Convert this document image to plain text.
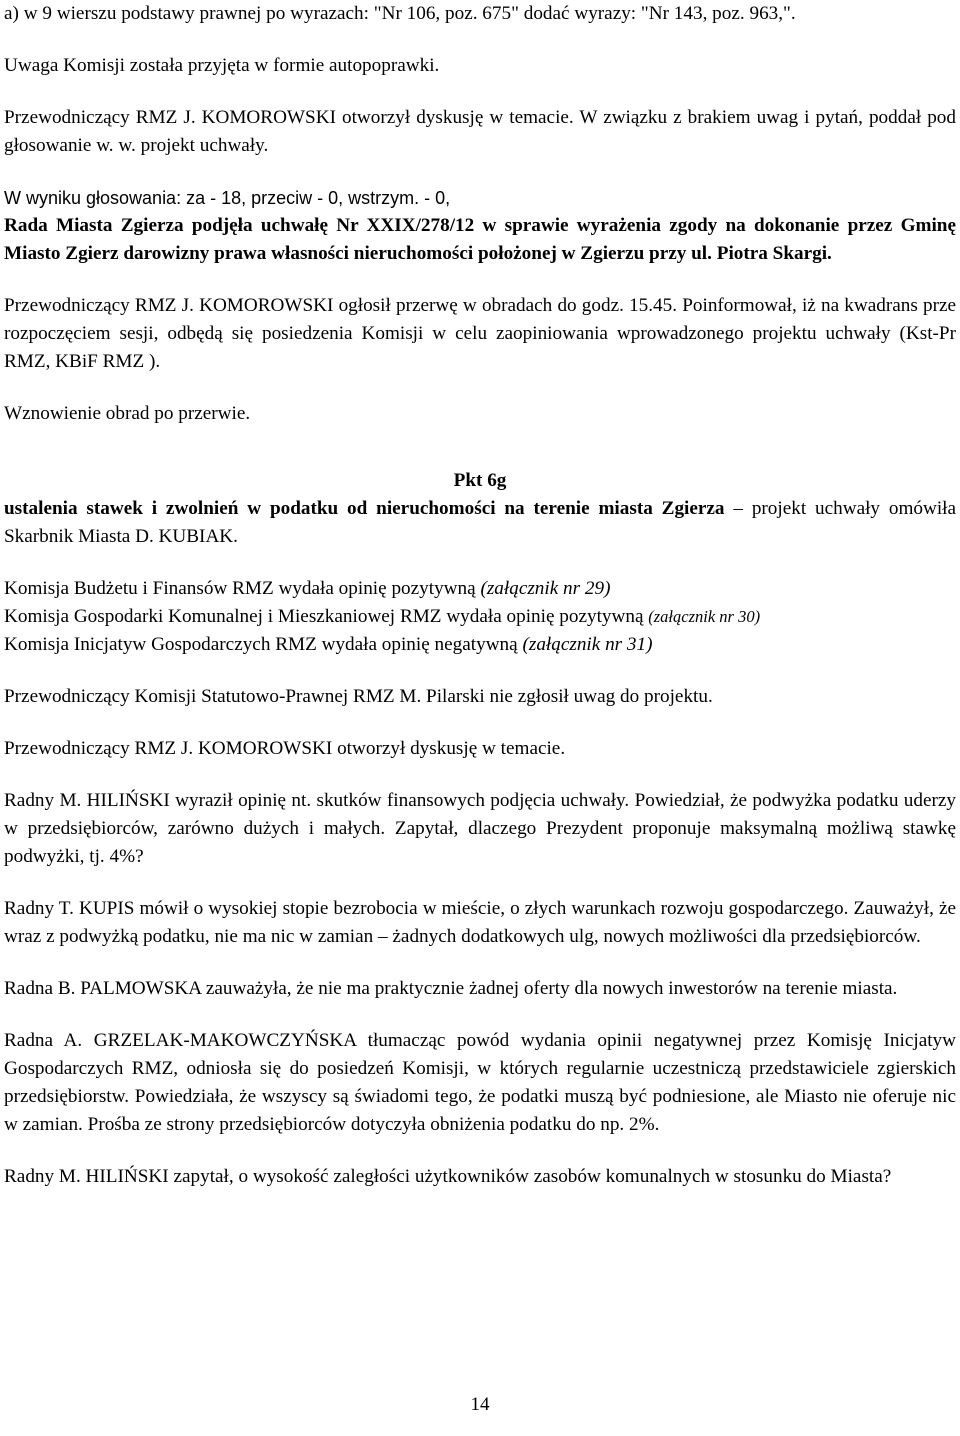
a) w 9 wierszu podstawy prawnej po wyrazach: "Nr 106, poz. 675" dodać wyrazy: "Nr 143, poz. 963,".

Uwaga Komisji została przyjęta w formie autopoprawki.

Przewodniczący RMZ J. KOMOROWSKI otworzył dyskusję w temacie. W związku z brakiem uwag i pytań, poddał pod głosowanie w. w. projekt uchwały.

W wyniku głosowania: za - 18, przeciw - 0, wstrzym. - 0,

Rada Miasta Zgierza podjęła uchwałę Nr XXIX/278/12 w sprawie wyrażenia zgody na dokonanie przez Gminę Miasto Zgierz darowizny prawa własności nieruchomości położonej w Zgierzu przy ul. Piotra Skargi.

Przewodniczący RMZ J. KOMOROWSKI ogłosił przerwę w obradach do godz. 15.45. Poinformował, iż na kwadrans prze rozpoczęciem sesji, odbędą się posiedzenia Komisji w celu zaopiniowania wprowadzonego projektu uchwały (Kst-Pr RMZ, KBiF RMZ ).

Wznowienie obrad po przerwie.

Pkt 6g

ustalenia stawek i zwolnień w podatku od nieruchomości na terenie miasta Zgierza – projekt uchwały omówiła Skarbnik Miasta D. KUBIAK.

Komisja Budżetu i Finansów RMZ wydała opinię pozytywną (załącznik nr 29)

Komisja Gospodarki Komunalnej i Mieszkaniowej RMZ wydała opinię pozytywną (załącznik nr 30)

Komisja Inicjatyw Gospodarczych RMZ wydała opinię negatywną (załącznik nr 31)

Przewodniczący Komisji Statutowo-Prawnej RMZ M. Pilarski nie zgłosił uwag do projektu.

Przewodniczący RMZ J. KOMOROWSKI otworzył dyskusję w temacie.

Radny M. HILIŃSKI wyraził opinię nt. skutków finansowych podjęcia uchwały. Powiedział, że podwyżka podatku uderzy w przedsiębiorców, zarówno dużych i małych. Zapytał, dlaczego Prezydent proponuje maksymalną możliwą stawkę podwyżki, tj. 4%?

Radny T. KUPIS mówił o wysokiej stopie bezrobocia w mieście, o złych warunkach rozwoju gospodarczego. Zauważył, że wraz z podwyżką podatku, nie ma nic w zamian – żadnych dodatkowych ulg, nowych możliwości dla przedsiębiorców.

Radna B. PALMOWSKA zauważyła, że nie ma praktycznie żadnej oferty dla nowych inwestorów na terenie miasta.

Radna A. GRZELAK-MAKOWCZYŃSKA tłumacząc powód wydania opinii negatywnej przez Komisję Inicjatyw Gospodarczych RMZ, odniosła się do posiedzeń Komisji, w których regularnie uczestniczą przedstawiciele zgierskich przedsiębiorstw. Powiedziała, że wszyscy są świadomi tego, że podatki muszą być podniesione, ale Miasto nie oferuje nic w zamian. Prośba ze strony przedsiębiorców dotyczyła obniżenia podatku do np. 2%.

Radny M. HILIŃSKI zapytał, o wysokość zaległości użytkowników zasobów komunalnych w stosunku do Miasta?

14
